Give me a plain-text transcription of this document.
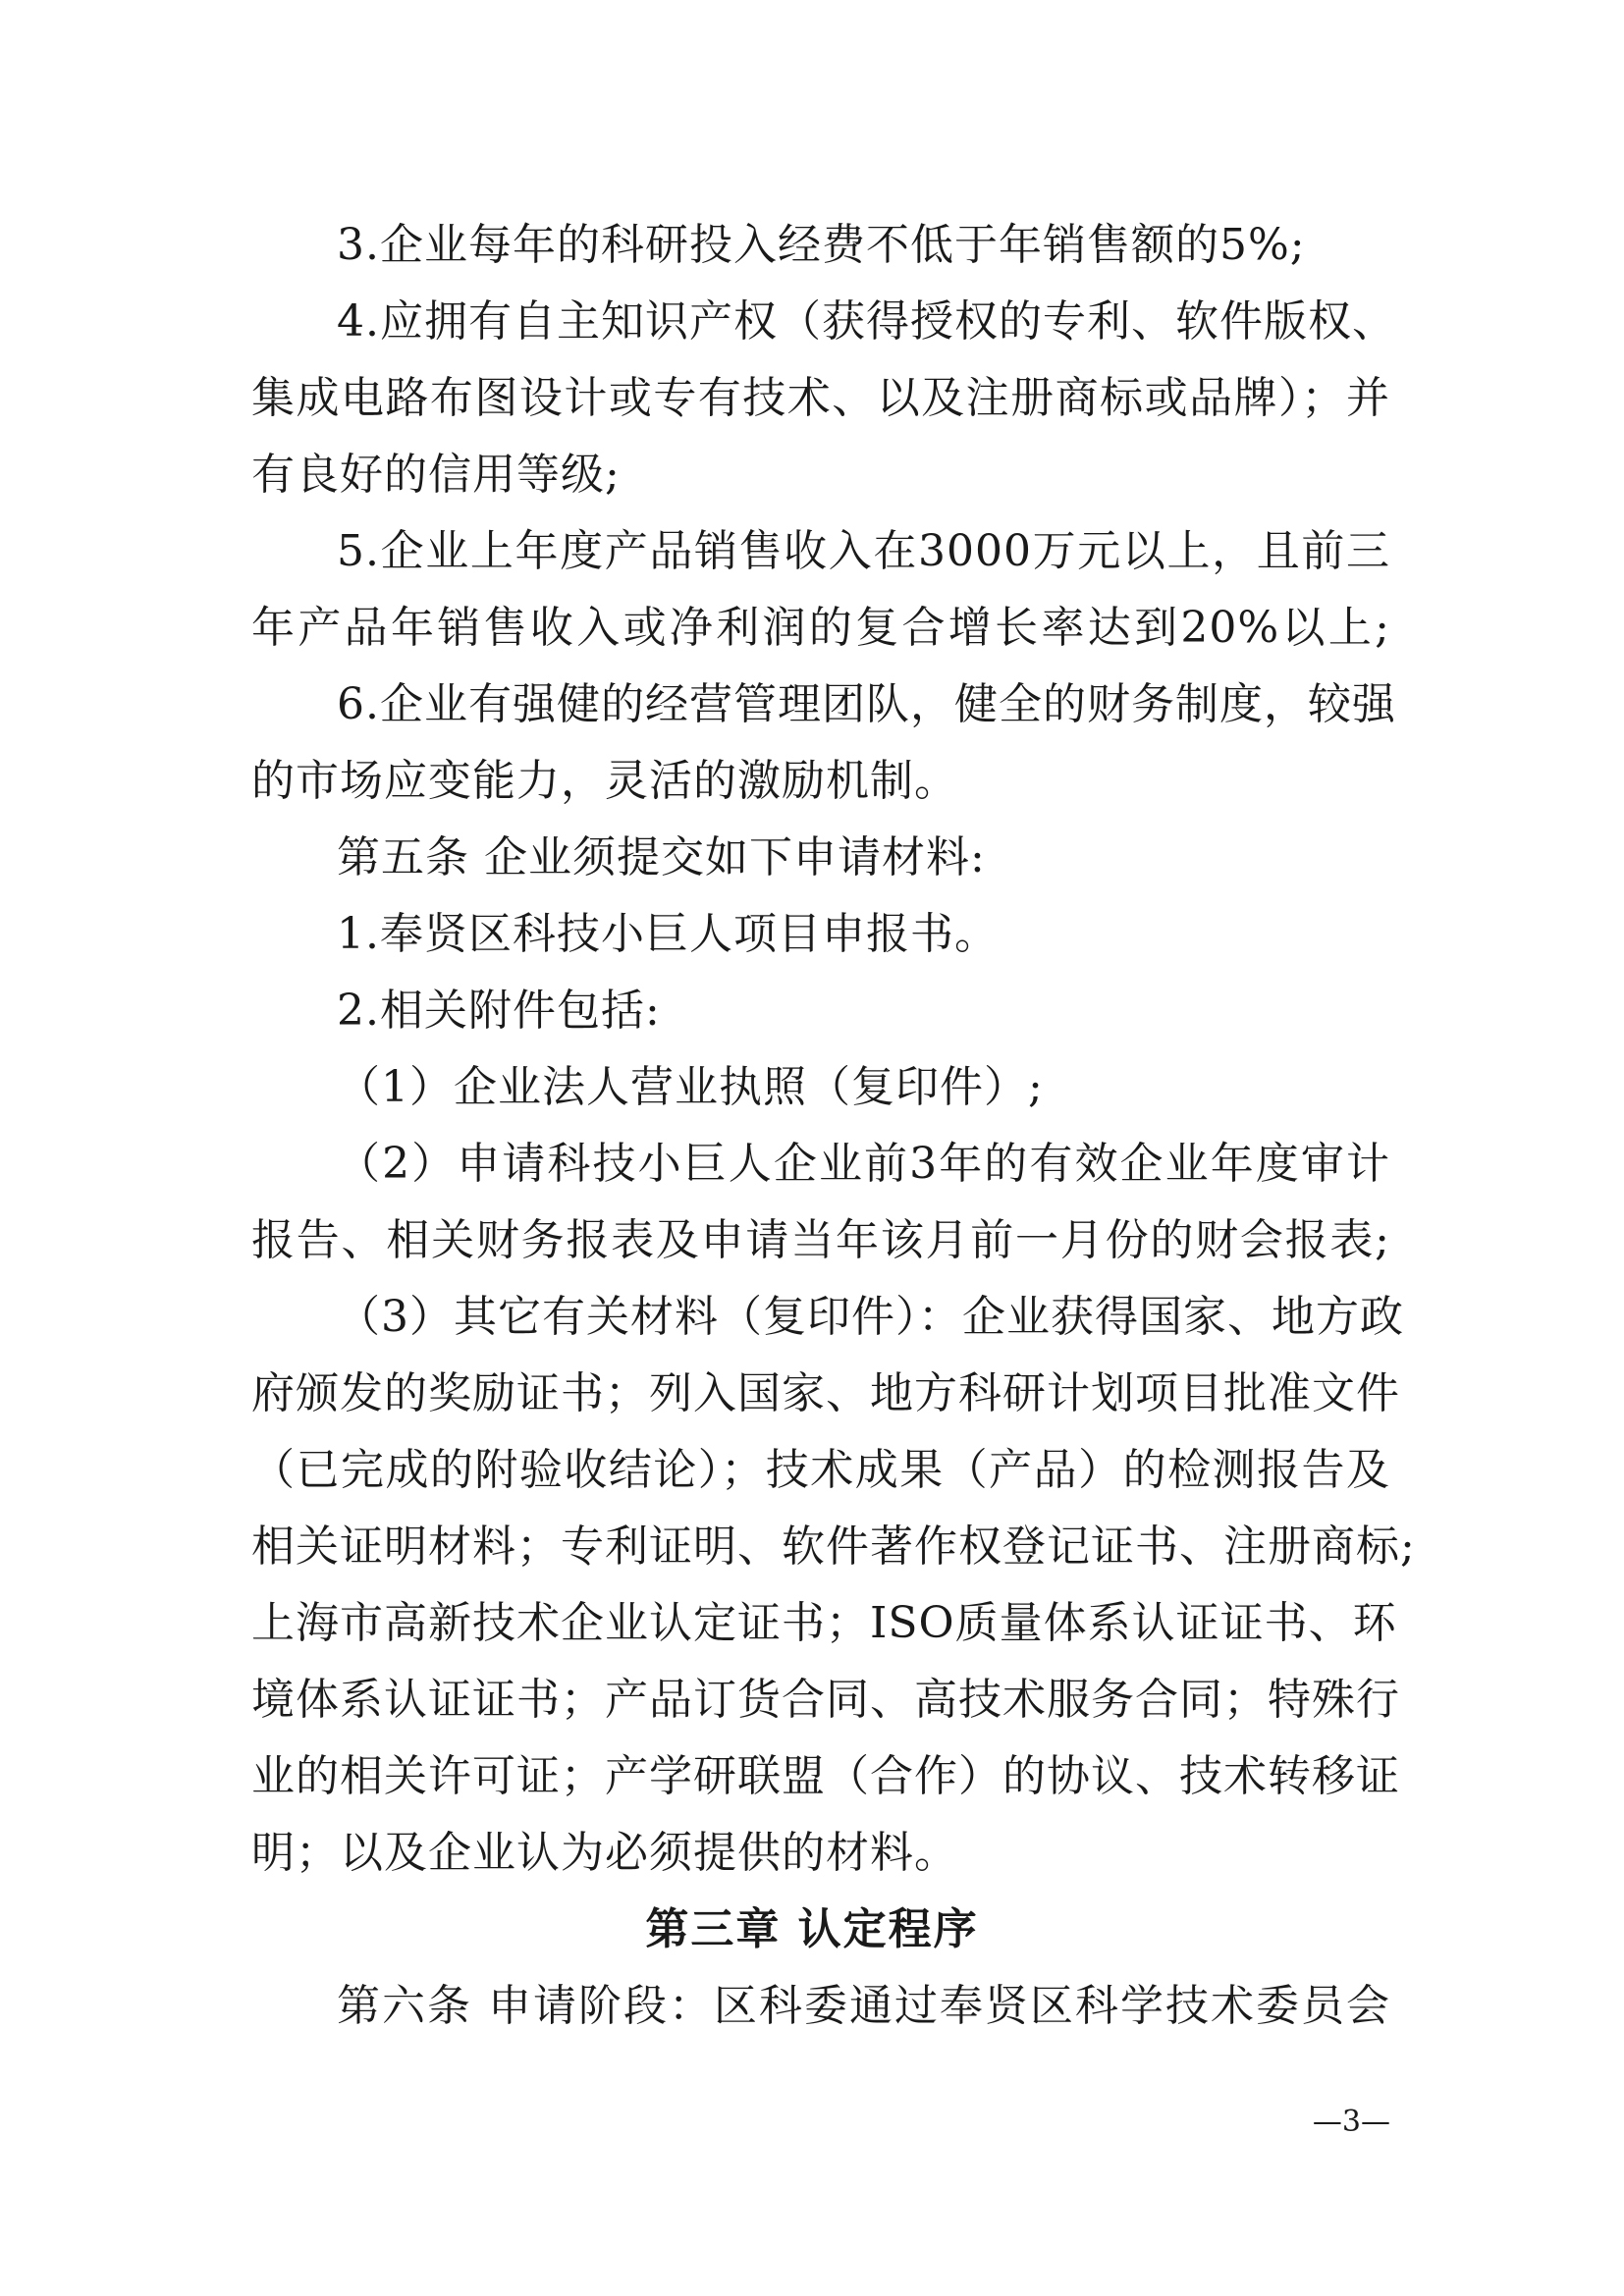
3.企业每年的科研投入经费不低于年销售额的5%;
4.应拥有自主知识产权（获得授权的专利、软件版权、
集成电路布图设计或专有技术、以及注册商标或品牌）；并
有良好的信用等级;
5.企业上年度产品销售收入在3000万元以上，且前三
年产品年销售收入或净利润的复合增长率达到20%以上;
6.企业有强健的经营管理团队，健全的财务制度，较强
的市场应变能力，灵活的激励机制。
第五条 企业须提交如下申请材料:
1.奉贤区科技小巨人项目申报书。
2.相关附件包括:
（1）企业法人营业执照（复印件）;
（2）申请科技小巨人企业前3年的有效企业年度审计
报告、相关财务报表及申请当年该月前一月份的财会报表;
（3）其它有关材料（复印件）：企业获得国家、地方政
府颁发的奖励证书；列入国家、地方科研计划项目批准文件
（已完成的附验收结论）；技术成果（产品）的检测报告及
相关证明材料；专利证明、软件著作权登记证书、注册商标;
上海市高新技术企业认定证书；ISO质量体系认证证书、环
境体系认证证书；产品订货合同、高技术服务合同；特殊行
业的相关许可证；产学研联盟（合作）的协议、技术转移证
明；以及企业认为必须提供的材料。
第三章 认定程序
第六条 申请阶段：区科委通过奉贤区科学技术委员会
—3—
